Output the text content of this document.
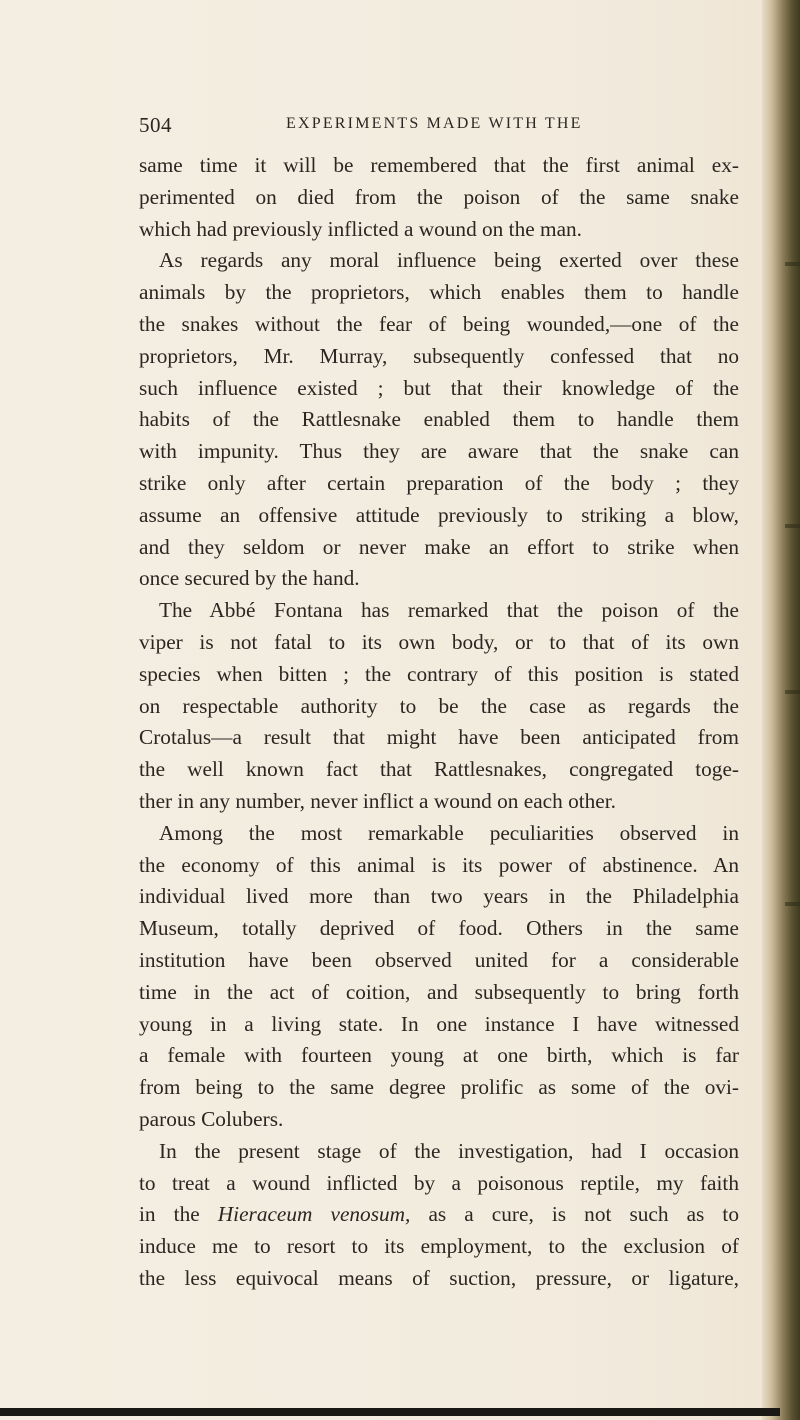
504	EXPERIMENTS MADE WITH THE
same time it will be remembered that the first animal ex-
perimented on died from the poison of the same snake
which had previously inflicted a wound on the man.
As regards any moral influence being exerted over these
animals by the proprietors, which enables them to handle
the snakes without the fear of being wounded,—one of the
proprietors, Mr. Murray, subsequently confessed that no
such influence existed ; but that their knowledge of the
habits of the Rattlesnake enabled them to handle them
with impunity. Thus they are aware that the snake can
strike only after certain preparation of the body ; they
assume an offensive attitude previously to striking a blow,
and they seldom or never make an effort to strike when
once secured by the hand.
The Abbé Fontana has remarked that the poison of the
viper is not fatal to its own body, or to that of its own
species when bitten ; the contrary of this position is stated
on respectable authority to be the case as regards the
Crotalus—a result that might have been anticipated from
the well known fact that Rattlesnakes, congregated toge-
ther in any number, never inflict a wound on each other.
Among the most remarkable peculiarities observed in
the economy of this animal is its power of abstinence. An
individual lived more than two years in the Philadelphia
Museum, totally deprived of food. Others in the same
institution have been observed united for a considerable
time in the act of coition, and subsequently to bring forth
young in a living state. In one instance I have witnessed
a female with fourteen young at one birth, which is far
from being to the same degree prolific as some of the ovi-
parous Colubers.
In the present stage of the investigation, had I occasion
to treat a wound inflicted by a poisonous reptile, my faith
in the Hieraceum venosum, as a cure, is not such as to
induce me to resort to its employment, to the exclusion of
the less equivocal means of suction, pressure, or ligature,
